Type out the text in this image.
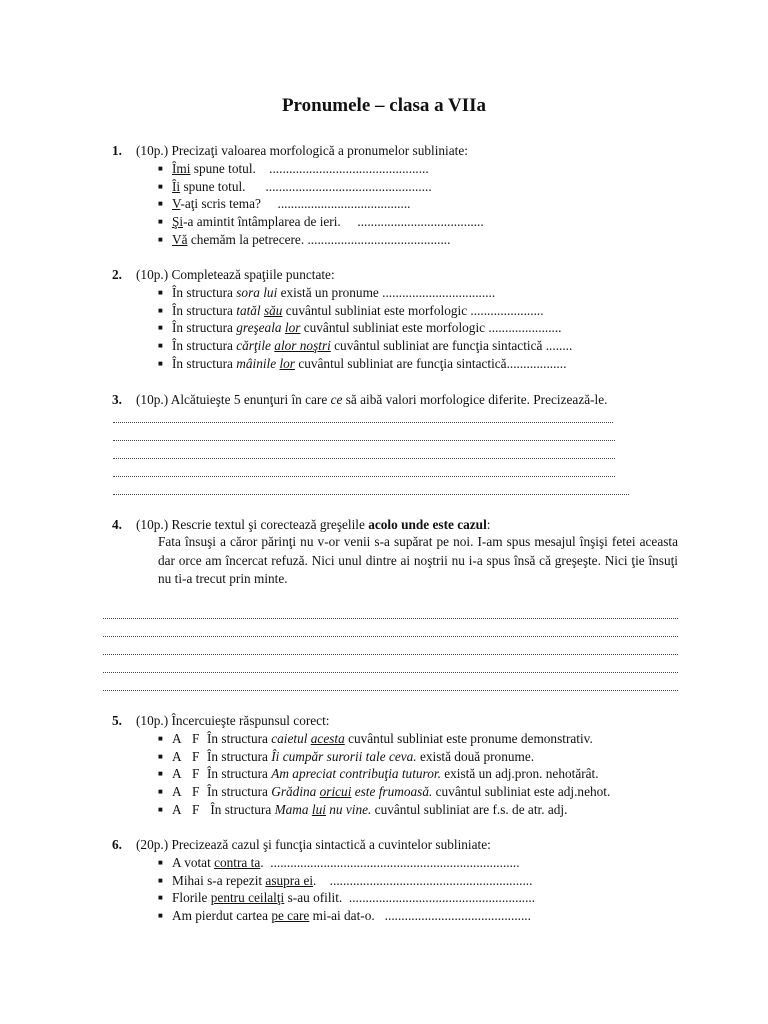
Pronumele – clasa a VIIa
1. (10p.) Precizaţi valoarea morfologică a pronumelor subliniate:
■ Îmi spune totul. ................................................
■ Îi spune totul. ..................................................
■ V-aţi scris tema? ........................................
■ Şi-a amintit întâmplarea de ieri. ......................................
■ Vă chemăm la petrecere. ...........................................
2. (10p.) Completează spaţiile punctate:
■ În structura sora lui există un pronume ..................................
■ În structura tatăl său cuvântul subliniat este morfologic ......................
■ În structura greşeala lor cuvântul subliniat este morfologic ......................
■ În structura cărţile alor noştri cuvântul subliniat are funcţia sintactică ........
■ În structura mâinile lor cuvântul subliniat are funcţia sintactică..................
3. (10p.) Alcătuieşte 5 enunţuri în care ce să aibă valori morfologice diferite. Precizează-le.
4. (10p.) Rescrie textul şi corectează greşelile acolo unde este cazul:
Fata însuşi a căror părinţi nu v-or venii s-a supărat pe noi. I-am spus mesajul înşişi fetei aceasta dar orce am încercat refuză. Nici unul dintre ai noştrii nu i-a spus însă că greşeşte. Nici ţie însuţi nu ti-a trecut prin minte.
5. (10p.) Încercuieşte răspunsul corect:
■ A F În structura caietul acesta cuvântul subliniat este pronume demonstrativ.
■ A F În structura Îi cumpăr surorii tale ceva. există două pronume.
■ A F În structura Am apreciat contribuţia tuturor. există un adj.pron. nehotărât.
■ A F În structura Grădina oricui este frumoasă. cuvântul subliniat este adj.nehot.
■ A F În structura Mama lui nu vine. cuvântul subliniat are f.s. de atr. adj.
6. (20p.) Precizează cazul şi funcţia sintactică a cuvintelor subliniate:
■ A votat contra ta. ...........................................................................
■ Mihai s-a repezit asupra ei. .............................................................
■ Florile pentru ceilalţi s-au ofilit. ........................................................
■ Am pierdut cartea pe care mi-ai dat-o. ............................................
